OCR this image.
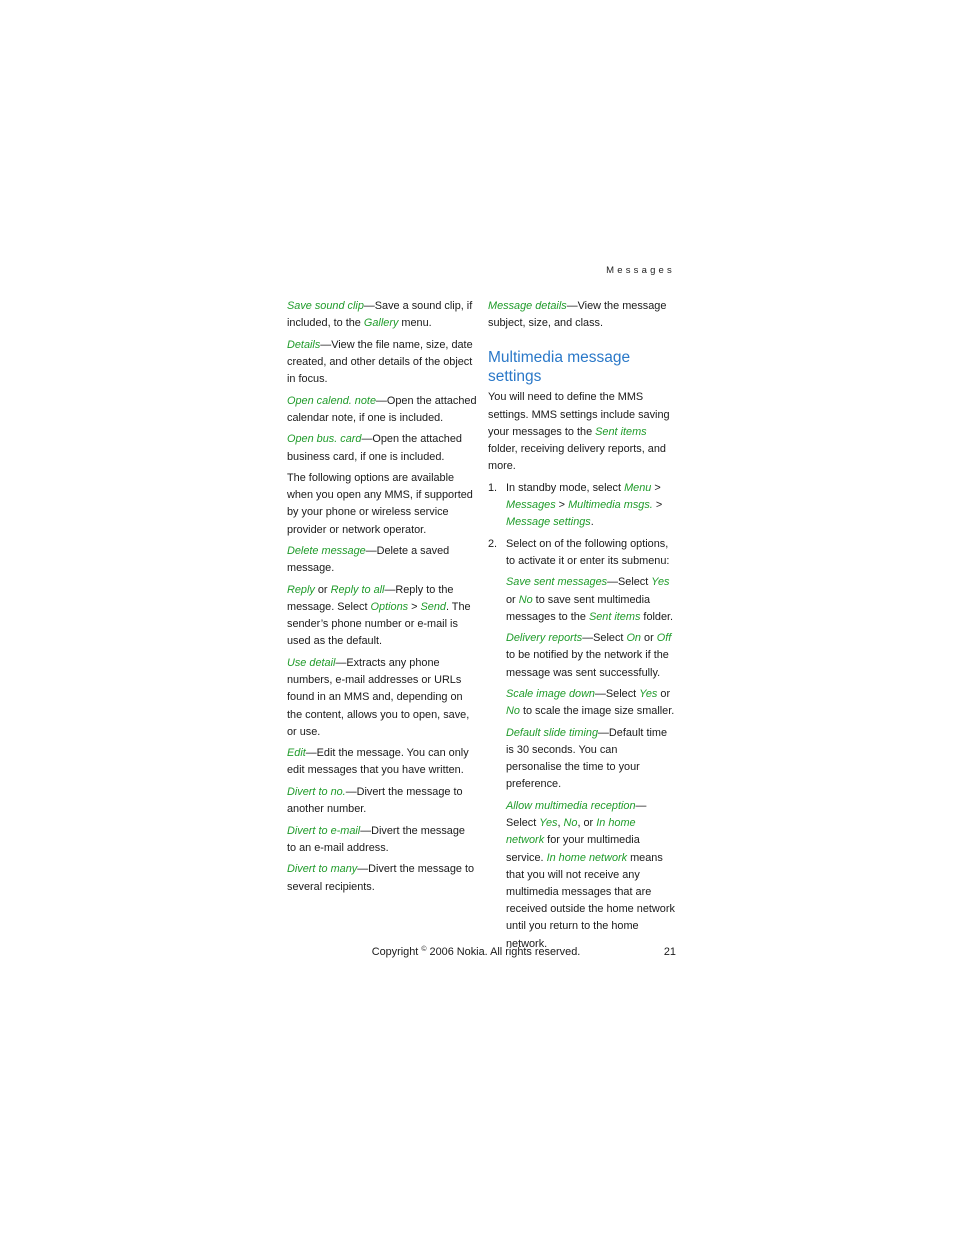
Messages

Save sound clip—Save a sound clip, if included, to the Gallery menu.

Details—View the file name, size, date created, and other details of the object in focus.

Open calend. note—Open the attached calendar note, if one is included.

Open bus. card—Open the attached business card, if one is included.

The following options are available when you open any MMS, if supported by your phone or wireless service provider or network operator.

Delete message—Delete a saved message.

Reply or Reply to all—Reply to the message. Select Options > Send. The sender’s phone number or e-mail is used as the default.

Use detail—Extracts any phone numbers, e-mail addresses or URLs found in an MMS and, depending on the content, allows you to open, save, or use.

Edit—Edit the message. You can only edit messages that you have written.

Divert to no.—Divert the message to another number.

Divert to e-mail—Divert the message to an e-mail address.

Divert to many—Divert the message to several recipients.

Message details—View the message subject, size, and class.

Multimedia message settings

You will need to define the MMS settings. MMS settings include saving your messages to the Sent items folder, receiving delivery reports, and more.

1. In standby mode, select Menu > Messages > Multimedia msgs. > Message settings.
2. Select on of the following options, to activate it or enter its submenu:

Save sent messages—Select Yes or No to save sent multimedia messages to the Sent items folder.

Delivery reports—Select On or Off to be notified by the network if the message was sent successfully.

Scale image down—Select Yes or No to scale the image size smaller.

Default slide timing—Default time is 30 seconds. You can personalise the time to your preference.

Allow multimedia reception—Select Yes, No, or In home network for your multimedia service. In home network means that you will not receive any multimedia messages that are received outside the home network until you return to the home network.

Copyright © 2006 Nokia. All rights reserved.	21
